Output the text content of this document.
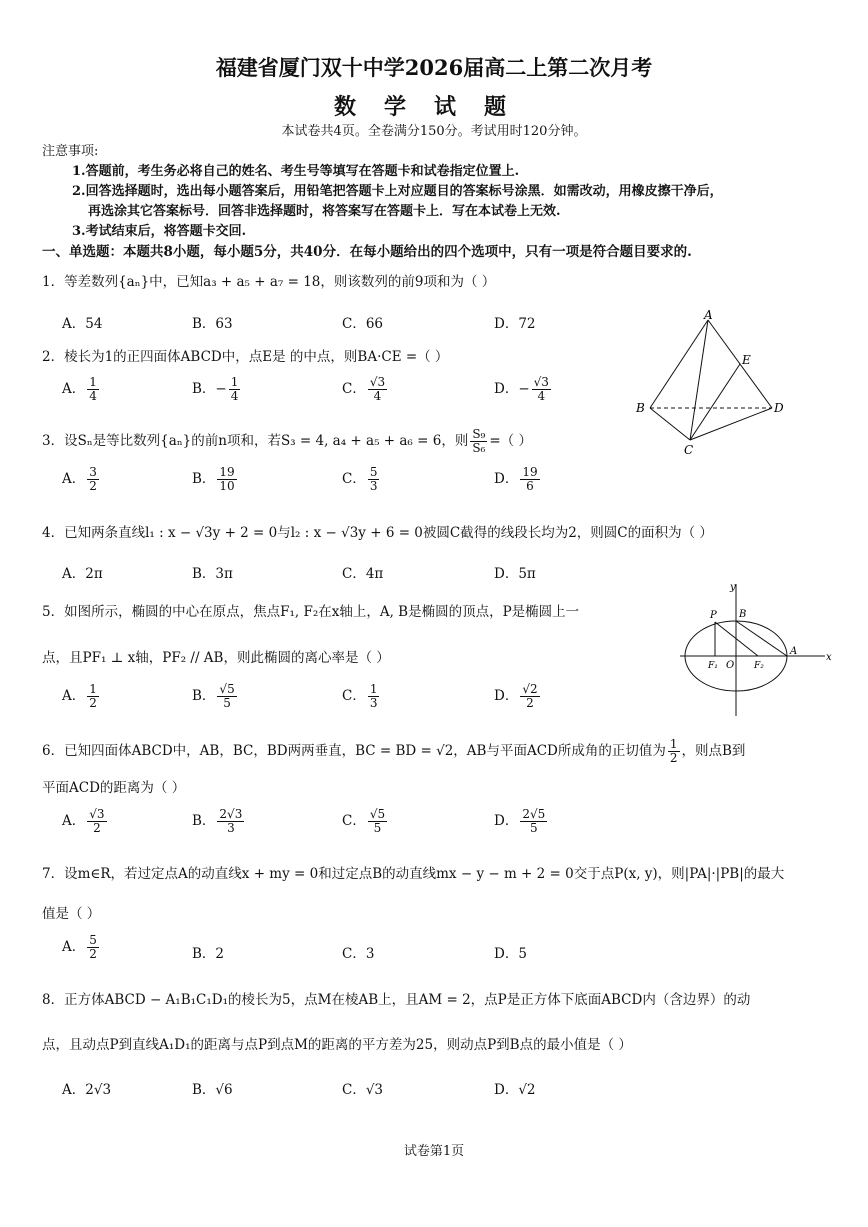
福建省厦门双十中学2026届高二上第二次月考
数学试题
本试卷共4页。全卷满分150分。考试用时120分钟。
注意事项:
1.答题前，考生务必将自己的姓名、考生号等填写在答题卡和试卷指定位置上.
2.回答选择题时，选出每小题答案后，用铅笔把答题卡上对应题目的答案标号涂黑．如需改动，用橡皮擦干净后，
再选涂其它答案标号．回答非选择题时，将答案写在答题卡上．写在本试卷上无效.
3.考试结束后，将答题卡交回.
一、单选题：本题共8小题，每小题5分，共40分．在每小题给出的四个选项中，只有一项是符合题目要求的.
1．等差数列{aₙ}中，已知a₃ + a₅ + a₇ = 18，则该数列的前9项和为（ ）
A．54	B．63	C．66	D．72
2．棱长为1的正四面体ABCD中，点E是 的中点，则BA·CE =（ ）
A． $\frac{1}{4}$	B．− $\frac{1}{4}$	C． $\frac{√3}{4}$	D．− $\frac{√3}{4}$
3．设Sₙ是等比数列{aₙ}的前n项和，若S₃ = 4, a₄ + a₅ + a₆ = 6，则 $\frac{\text{S₉}}{\text{S₆}}$ =（ ）
A． $\frac{3}{2}$	B． $\frac{19}{10}$	C． $\frac{5}{3}$	D． $\frac{19}{6}$
4．已知两条直线l₁ : x − √3y + 2 = 0与l₂ : x − √3y + 6 = 0被圆C截得的线段长均为2，则圆C的面积为（ ）
A．2π	B．3π	C．4π	D．5π
5．如图所示，椭圆的中心在原点，焦点F₁, F₂在x轴上，A, B是椭圆的顶点，P是椭圆上一
点，且PF₁ ⊥ x轴，PF₂ // AB，则此椭圆的离心率是（ ）
A． $\frac{1}{2}$	B． $\frac{√5}{5}$	C． $\frac{1}{3}$	D． $\frac{√2}{2}$
6．已知四面体ABCD中，AB，BC，BD两两垂直，BC = BD = √2，AB与平面ACD所成角的正切值为 $\frac{1}{2}$ ，则点B到
平面ACD的距离为（ ）
A． $\frac{√3}{2}$	B． $\frac{2√3}{3}$	C． $\frac{√5}{5}$	D． $\frac{2√5}{5}$
7．设m∈R，若过定点A的动直线x + my = 0和过定点B的动直线mx − y − m + 2 = 0交于点P(x, y)，则|PA|·|PB|的最大
值是（ ）
A． $\frac{5}{2}$	B．2	C．3	D．5
8．正方体ABCD − A₁B₁C₁D₁的棱长为5，点M在棱AB上，且AM = 2，点P是正方体下底面ABCD内（含边界）的动
点，且动点P到直线A₁D₁的距离与点P到点M的距离的平方差为25，则动点P到B点的最小值是（ ）
A．2√3	B．√6	C．√3	D．√2
A
B
C
D
E
y
P B
A
F₁ O F₂
x
试卷第1页
